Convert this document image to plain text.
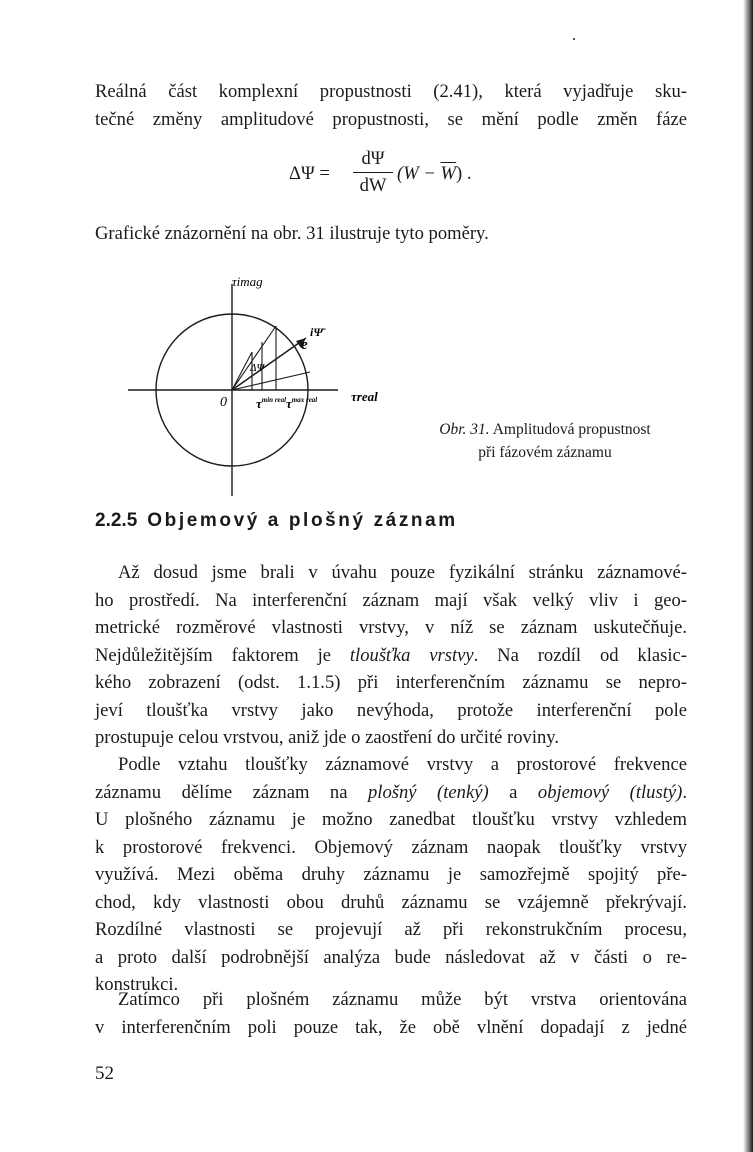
Reálná část komplexní propustnosti (2.41), která vyjadřuje sku-
tečné změny amplitudové propustnosti, se mění podle změn fáze
ΔΨ =
dΨ
dW
$(W - \overline{W})$ .
Grafické znázornění na obr. 31 ilustruje tyto poměry.
τimag
τreal
0
e
iΨ̄
ΔΨ
$\tau^{min real}$ $\tau^{max real}$
Obr. 31. Amplitudová propustnost
při fázovém záznamu
2.2.5 Objemový a plošný záznam
Až dosud jsme brali v úvahu pouze fyzikální stránku záznamové-
ho prostředí. Na interferenční záznam mají však velký vliv i geo-
metrické rozměrové vlastnosti vrstvy, v níž se záznam uskutečňuje.
Nejdůležitějším faktorem je tloušťka vrstvy. Na rozdíl od klasic-
kého zobrazení (odst. 1.1.5) při interferenčním záznamu se nepro-
jeví tloušťka vrstvy jako nevýhoda, protože interferenční pole
prostupuje celou vrstvou, aniž jde o zaostření do určité roviny.
Podle vztahu tloušťky záznamové vrstvy a prostorové frekvence
záznamu dělíme záznam na plošný (tenký) a objemový (tlustý).
U plošného záznamu je možno zanedbat tloušťku vrstvy vzhledem
k prostorové frekvenci. Objemový záznam naopak tloušťky vrstvy
využívá. Mezi oběma druhy záznamu je samozřejmě spojitý pře-
chod, kdy vlastnosti obou druhů záznamu se vzájemně překrývají.
Rozdílné vlastnosti se projevují až při rekonstrukčním procesu,
a proto další podrobnější analýza bude následovat až v části o re-
konstrukci.
Zatímco při plošném záznamu může být vrstva orientována
v interferenčním poli pouze tak, že obě vlnění dopadají z jedné
52
